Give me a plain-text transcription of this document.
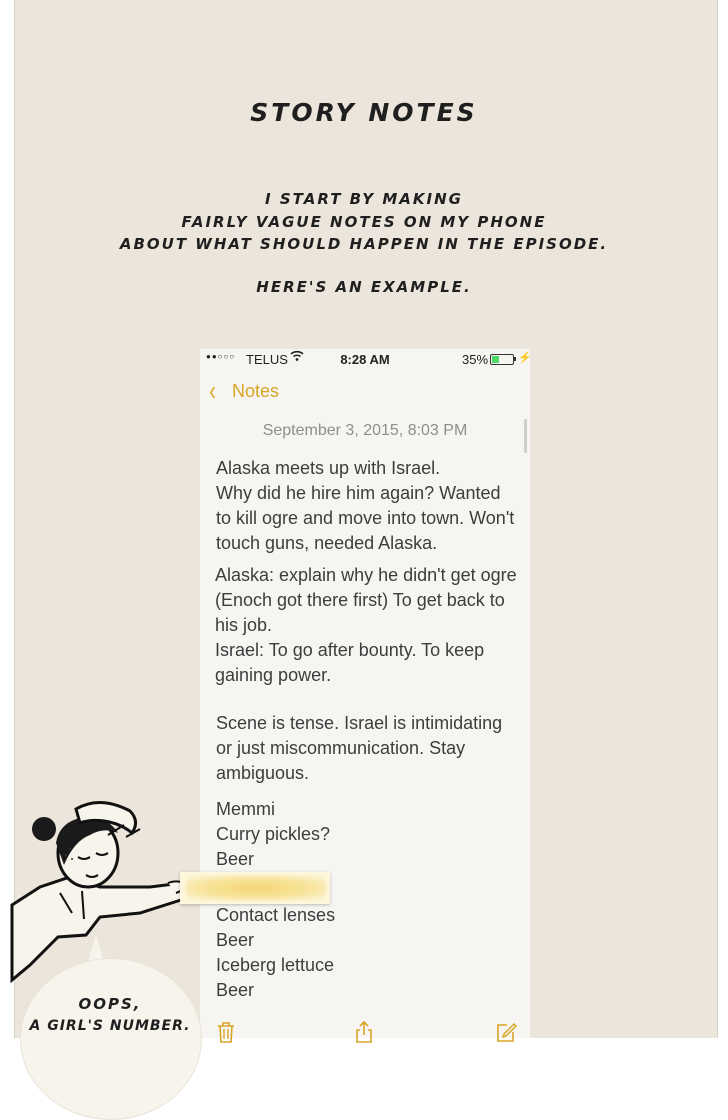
STORY NOTES
I START BY MAKING
FAIRLY VAGUE NOTES ON MY PHONE
ABOUT WHAT SHOULD HAPPEN IN THE EPISODE.
HERE'S AN EXAMPLE.
●●○○○ TELUS	8:28 AM	35%	⚡
‹ Notes
September 3, 2015, 8:03 PM
Alaska meets up with Israel.
Why did he hire him again? Wanted
to kill ogre and move into town. Won't
touch guns, needed Alaska.
Alaska: explain why he didn't get ogre
(Enoch got there first) To get back to
his job.
Israel: To go after bounty. To keep
gaining power.
Scene is tense. Israel is intimidating
or just miscommunication. Stay
ambiguous.
Memmi
Curry pickles?
Beer
Contact lenses
Beer
Iceberg lettuce
Beer
OOPS,
A GIRL'S NUMBER.
